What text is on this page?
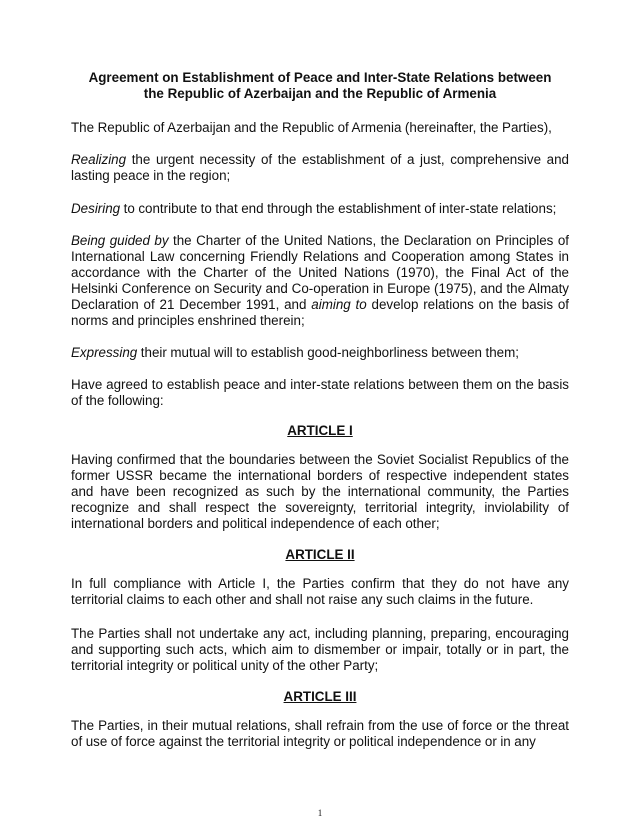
Agreement on Establishment of Peace and Inter-State Relations between
the Republic of Azerbaijan and the Republic of Armenia

The Republic of Azerbaijan and the Republic of Armenia (hereinafter, the Parties),

Realizing the urgent necessity of the establishment of a just, comprehensive and lasting peace in the region;

Desiring to contribute to that end through the establishment of inter-state relations;

Being guided by the Charter of the United Nations, the Declaration on Principles of International Law concerning Friendly Relations and Cooperation among States in accordance with the Charter of the United Nations (1970), the Final Act of the Helsinki Conference on Security and Co-operation in Europe (1975), and the Almaty Declaration of 21 December 1991, and aiming to develop relations on the basis of norms and principles enshrined therein;

Expressing their mutual will to establish good-neighborliness between them;

Have agreed to establish peace and inter-state relations between them on the basis of the following:

ARTICLE I

Having confirmed that the boundaries between the Soviet Socialist Republics of the former USSR became the international borders of respective independent states and have been recognized as such by the international community, the Parties recognize and shall respect the sovereignty, territorial integrity, inviolability of international borders and political independence of each other;

ARTICLE II

In full compliance with Article I, the Parties confirm that they do not have any territorial claims to each other and shall not raise any such claims in the future.

The Parties shall not undertake any act, including planning, preparing, encouraging and supporting such acts, which aim to dismember or impair, totally or in part, the territorial integrity or political unity of the other Party;

ARTICLE III

The Parties, in their mutual relations, shall refrain from the use of force or the threat of use of force against the territorial integrity or political independence or in any

1
